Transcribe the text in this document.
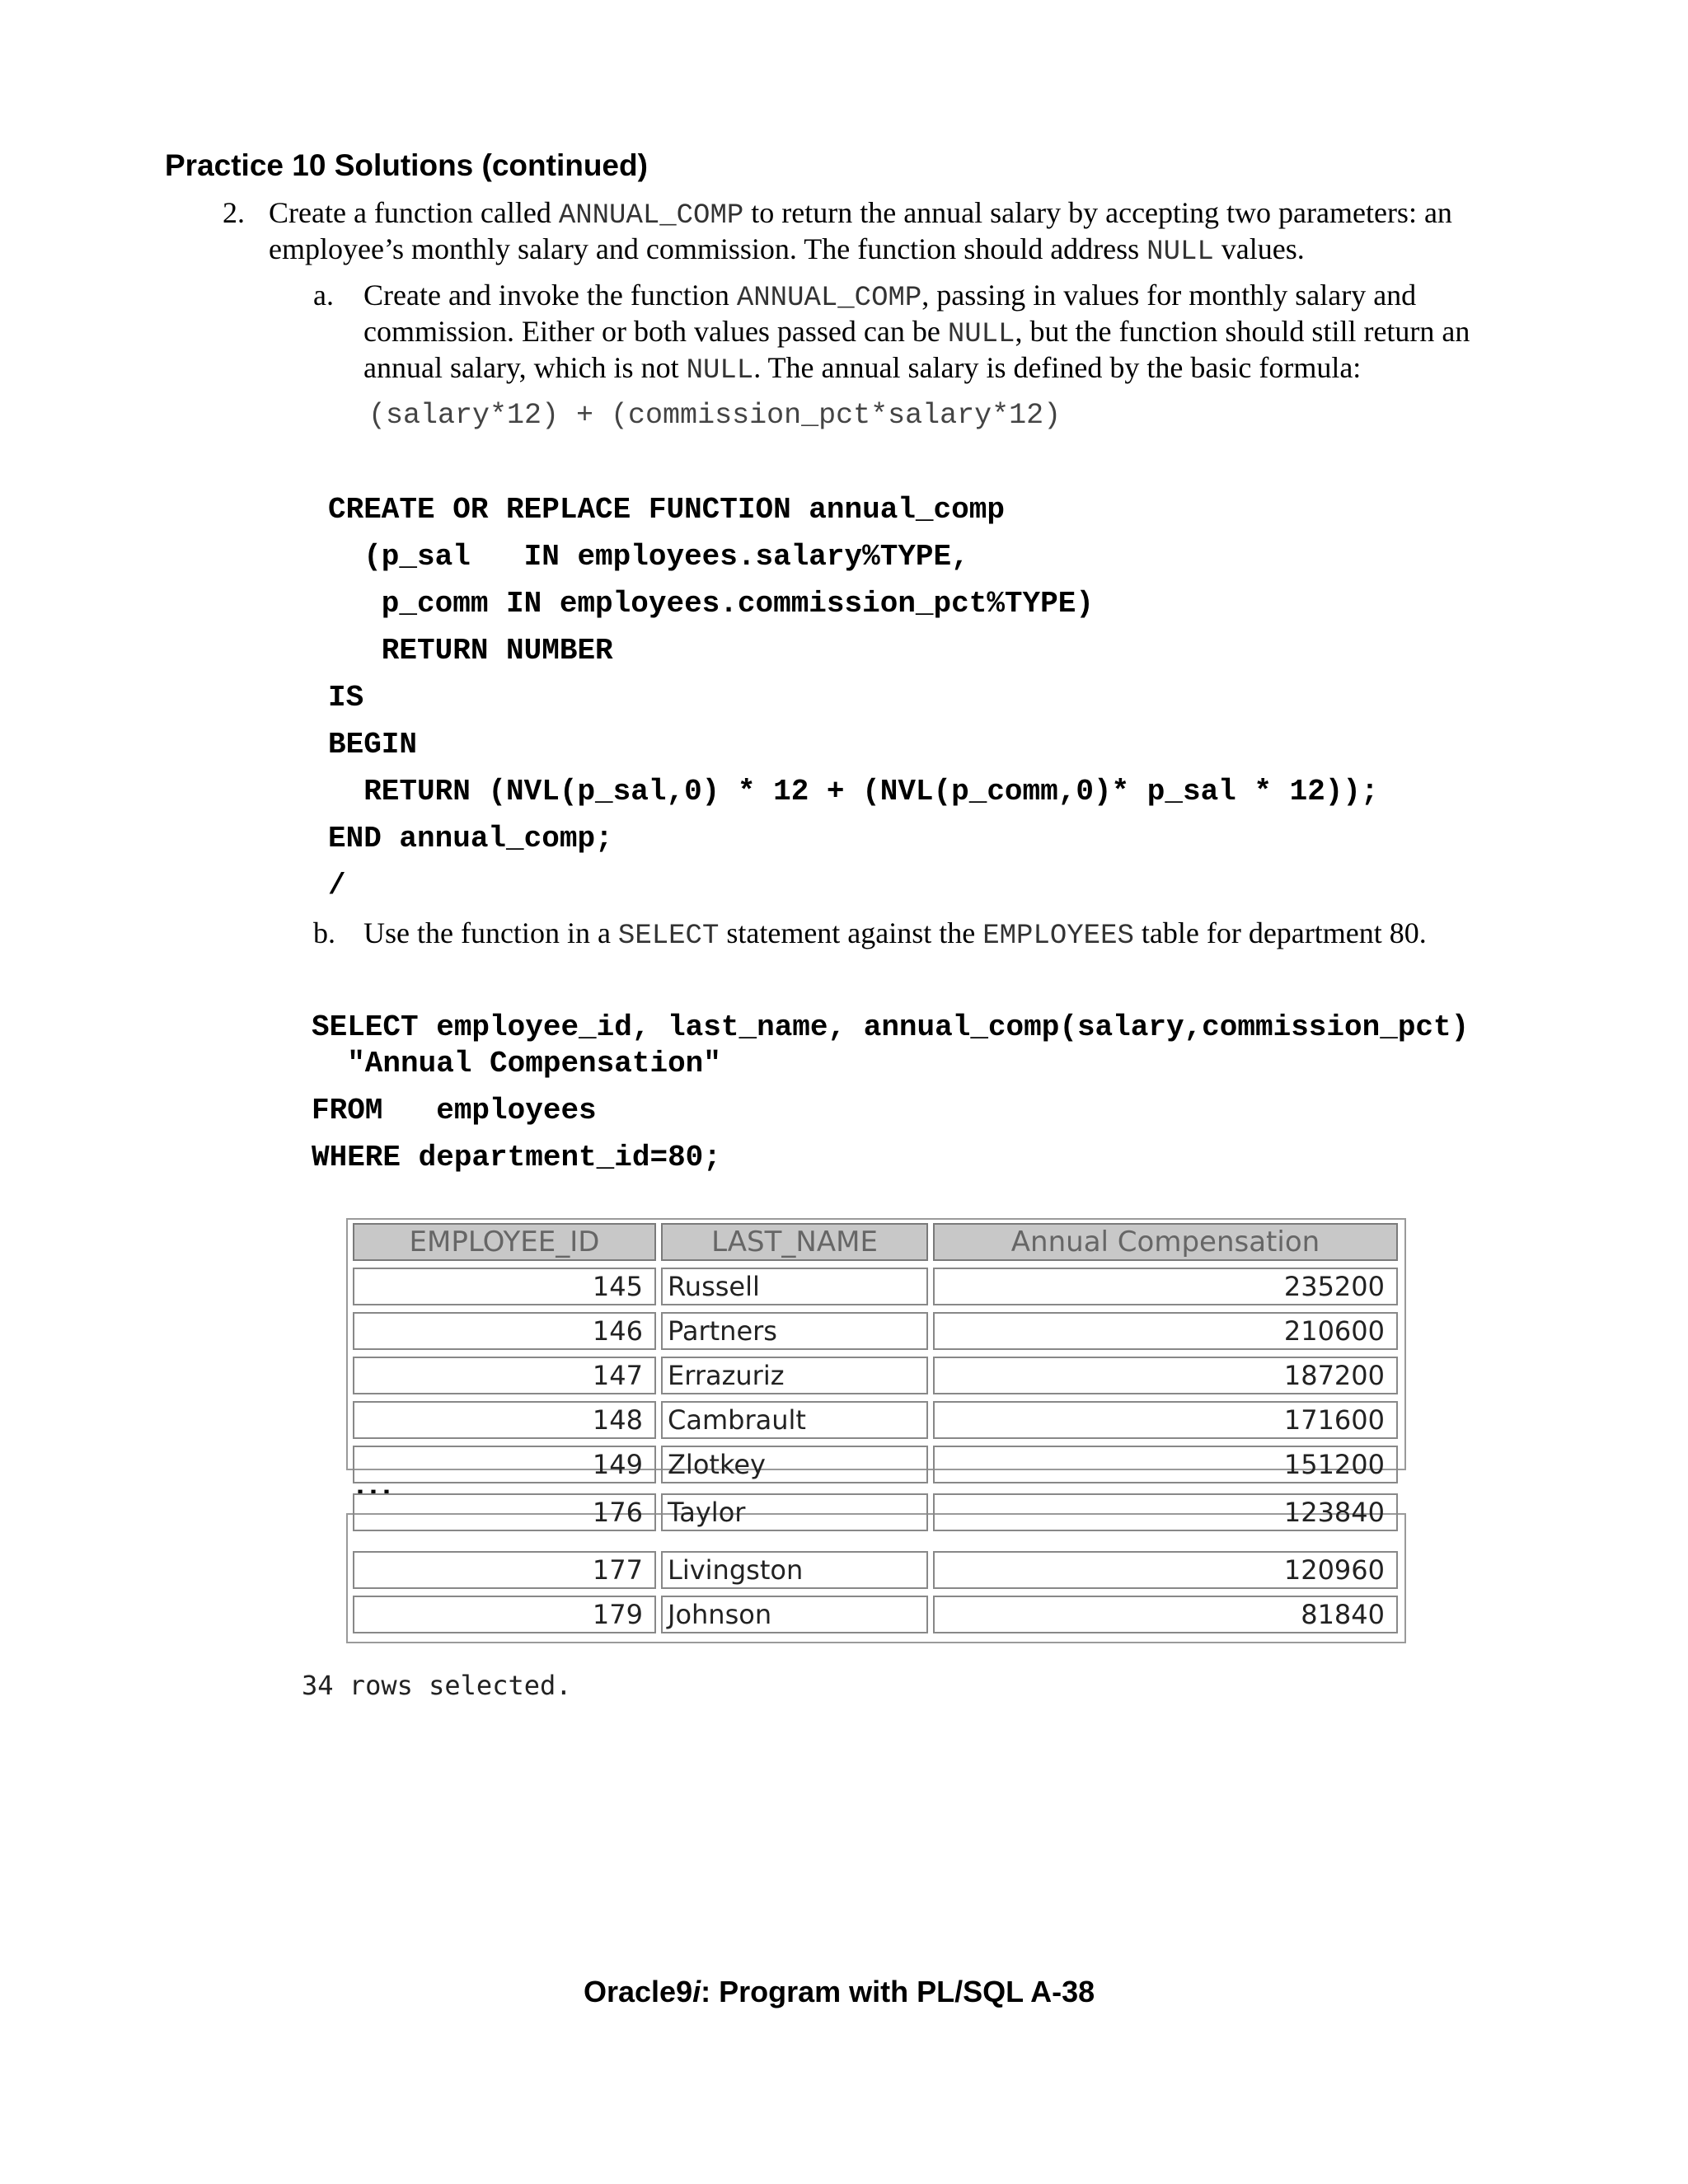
Practice 10 Solutions (continued)
2. Create a function called ANNUAL_COMP to return the annual salary by accepting two parameters: an
employee’s monthly salary and commission. The function should address NULL values.
a. Create and invoke the function ANNUAL_COMP, passing in values for monthly salary and
commission. Either or both values passed can be NULL, but the function should still return an
annual salary, which is not NULL. The annual salary is defined by the basic formula:
(salary*12) + (commission_pct*salary*12)
CREATE OR REPLACE FUNCTION annual_comp
(p_sal   IN employees.salary%TYPE,
p_comm IN employees.commission_pct%TYPE)
RETURN NUMBER
IS
BEGIN
RETURN (NVL(p_sal,0) * 12 + (NVL(p_comm,0)* p_sal * 12));
END annual_comp;
/
b. Use the function in a SELECT statement against the EMPLOYEES table for department 80.
SELECT employee_id, last_name, annual_comp(salary,commission_pct)
"Annual Compensation"
FROM   employees
WHERE department_id=80;
EMPLOYEE_ID	LAST_NAME	Annual Compensation
145 Russell	235200
146 Partners	210600
147 Errazuriz	187200
148 Cambrault	171600
149 Zlotkey	151200
...
176 Taylor	123840
177 Livingston	120960
179 Johnson	81840
34 rows selected.
Oracle9i: Program with PL/SQL A-38
